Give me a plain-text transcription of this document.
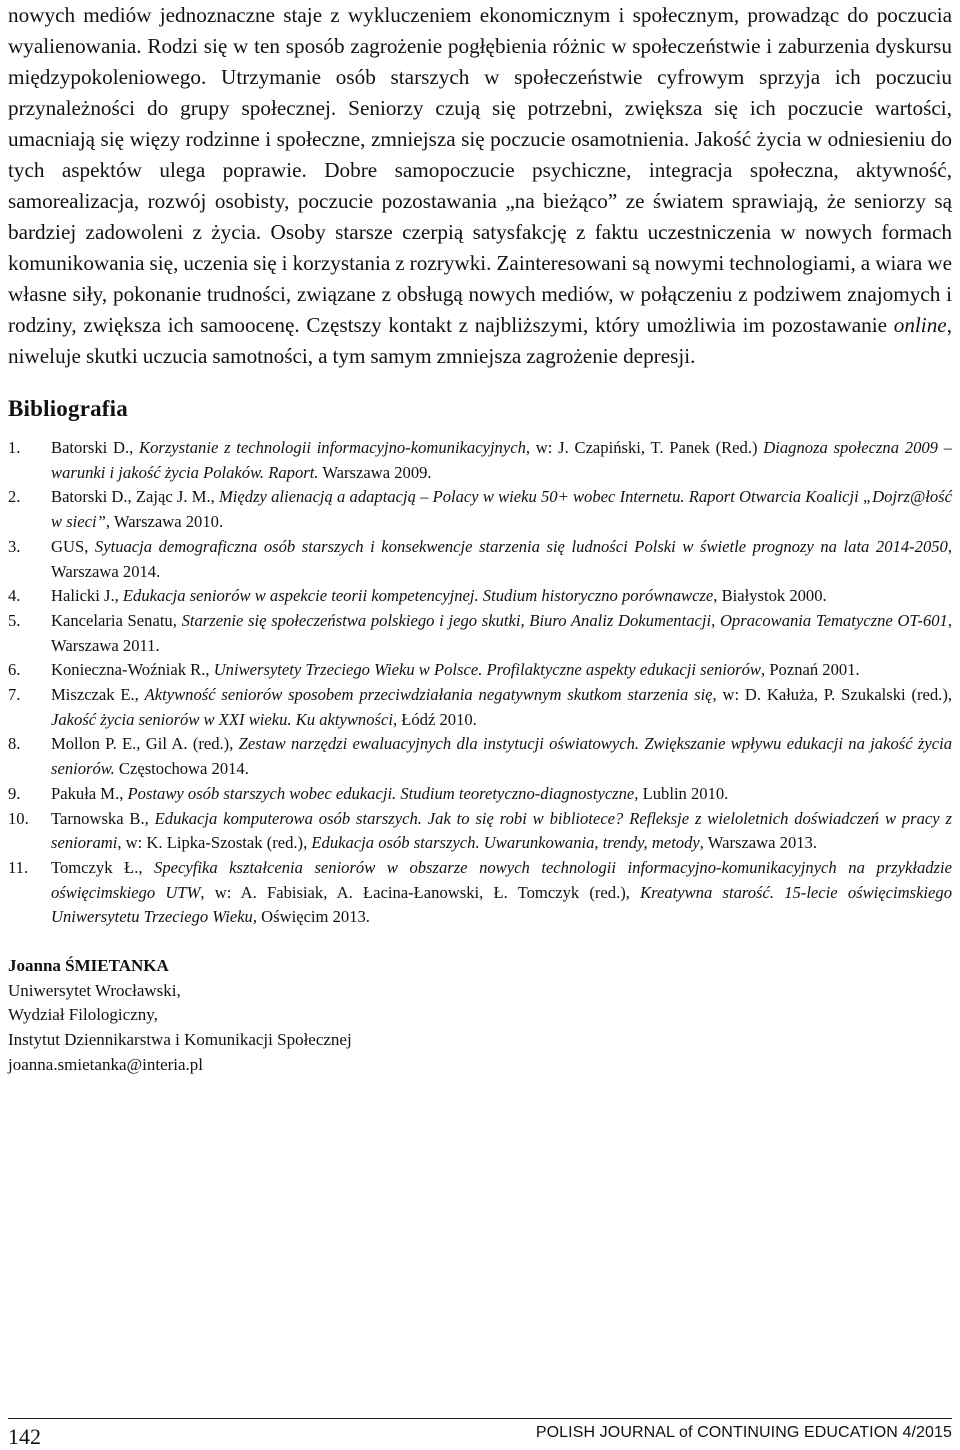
nowych mediów jednoznaczne staje z wykluczeniem ekonomicznym i społecznym, prowadząc do poczucia wyalienowania. Rodzi się w ten sposób zagrożenie pogłębienia różnic w społeczeństwie i zaburzenia dyskursu międzypokoleniowego. Utrzymanie osób starszych w społeczeństwie cyfrowym sprzyja ich poczuciu przynależności do grupy społecznej. Seniorzy czują się potrzebni, zwiększa się ich poczucie wartości, umacniają się więzy rodzinne i społeczne, zmniejsza się poczucie osamotnienia. Jakość życia w odniesieniu do tych aspektów ulega poprawie. Dobre samopoczucie psychiczne, integracja społeczna, aktywność, samorealizacja, rozwój osobisty, poczucie pozostawania „na bieżąco” ze światem sprawiają, że seniorzy są bardziej zadowoleni z życia. Osoby starsze czerpią satysfakcję z faktu uczestniczenia w nowych formach komunikowania się, uczenia się i korzystania z rozrywki. Zainteresowani są nowymi technologiami, a wiara we własne siły, pokonanie trudności, związane z obsługą nowych mediów, w połączeniu z podziwem znajomych i rodziny, zwiększa ich samoocenę. Częstszy kontakt z najbliższymi, który umożliwia im pozostawanie online, niweluje skutki uczucia samotności, a tym samym zmniejsza zagrożenie depresji.

Bibliografia
1. Batorski D., Korzystanie z technologii informacyjno-komunikacyjnych, w: J. Czapiński, T. Panek (Red.) Diagnoza społeczna 2009 – warunki i jakość życia Polaków. Raport. Warszawa 2009.
2. Batorski D., Zając J. M., Między alienacją a adaptacją – Polacy w wieku 50+ wobec Internetu. Raport Otwarcia Koalicji „Dojrz@łość w sieci”, Warszawa 2010.
3. GUS, Sytuacja demograficzna osób starszych i konsekwencje starzenia się ludności Polski w świetle prognozy na lata 2014-2050, Warszawa 2014.
4. Halicki J., Edukacja seniorów w aspekcie teorii kompetencyjnej. Studium historyczno porównawcze, Białystok 2000.
5. Kancelaria Senatu, Starzenie się społeczeństwa polskiego i jego skutki, Biuro Analiz Dokumentacji, Opracowania Tematyczne OT-601, Warszawa 2011.
6. Konieczna-Woźniak R., Uniwersytety Trzeciego Wieku w Polsce. Profilaktyczne aspekty edukacji seniorów, Poznań 2001.
7. Miszczak E., Aktywność seniorów sposobem przeciwdziałania negatywnym skutkom starzenia się, w: D. Kałuża, P. Szukalski (red.), Jakość życia seniorów w XXI wieku. Ku aktywności, Łódź 2010.
8. Mollon P. E., Gil A. (red.), Zestaw narzędzi ewaluacyjnych dla instytucji oświatowych. Zwiększanie wpływu edukacji na jakość życia seniorów. Częstochowa 2014.
9. Pakuła M., Postawy osób starszych wobec edukacji. Studium teoretyczno-diagnostyczne, Lublin 2010.
10. Tarnowska B., Edukacja komputerowa osób starszych. Jak to się robi w bibliotece? Refleksje z wieloletnich doświadczeń w pracy z seniorami, w: K. Lipka-Szostak (red.), Edukacja osób starszych. Uwarunkowania, trendy, metody, Warszawa 2013.
11. Tomczyk Ł., Specyfika kształcenia seniorów w obszarze nowych technologii informacyjno-komunikacyjnych na przykładzie oświęcimskiego UTW, w: A. Fabisiak, A. Łacina-Łanowski, Ł. Tomczyk (red.), Kreatywna starość. 15-lecie oświęcimskiego Uniwersytetu Trzeciego Wieku, Oświęcim 2013.
Joanna ŚMIETANKA
Uniwersytet Wrocławski,
Wydział Filologiczny,
Instytut Dziennikarstwa i Komunikacji Społecznej
joanna.smietanka@interia.pl
142	POLISH JOURNAL of CONTINUING EDUCATION 4/2015
